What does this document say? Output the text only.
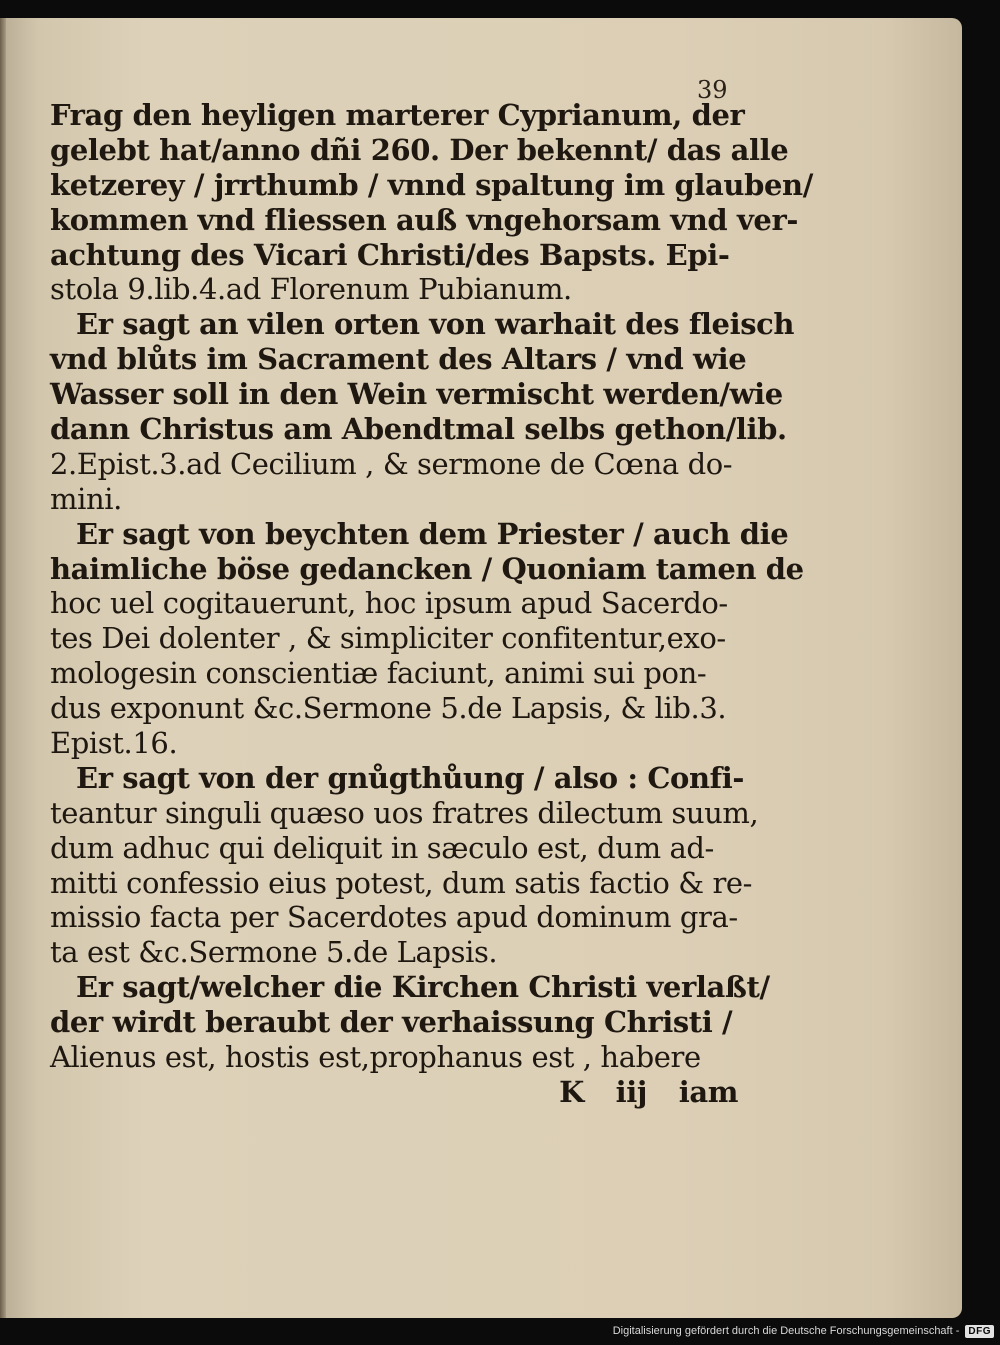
39

Frag den heyligen marterer Cyprianum, der
gelebt hat/anno dñi 260. Der bekennt/ das alle
ketzerey / jrrthumb / vnnd spaltung im glauben/
kommen vnd fliessen auß vngehorsam vnd ver-
achtung des Vicari Christi/des Bapsts. Epi-
stola 9.lib.4.ad Florenum Pubianum.
Er sagt an vilen orten von warhait des fleisch
vnd blůts im Sacrament des Altars / vnd wie
Wasser soll in den Wein vermischt werden/wie
dann Christus am Abendtmal selbs gethon/lib.
2.Epist.3.ad Cecilium , & sermone de Cœna do-
mini.
Er sagt von beychten dem Priester / auch die
haimliche böse gedancken / Quoniam tamen de
hoc uel cogitauerunt, hoc ipsum apud Sacerdo-
tes Dei dolenter , & simpliciter confitentur,exo-
mologesin conscientiæ faciunt, animi sui pon-
dus exponunt &c.Sermone 5.de Lapsis, & lib.3.
Epist.16.
Er sagt von der gnůgthůung / also : Confi-
teantur singuli quæso uos fratres dilectum suum,
dum adhuc qui deliquit in sæculo est, dum ad-
mitti confessio eius potest, dum satis factio & re-
missio facta per Sacerdotes apud dominum gra-
ta est &c.Sermone 5.de Lapsis.
Er sagt/welcher die Kirchen Christi verlaßt/
der wirdt beraubt der verhaissung Christi /
Alienus est, hostis est,prophanus est , habere
K iij iam
Digitalisierung gefördert durch die Deutsche Forschungsgemeinschaft - DFG
